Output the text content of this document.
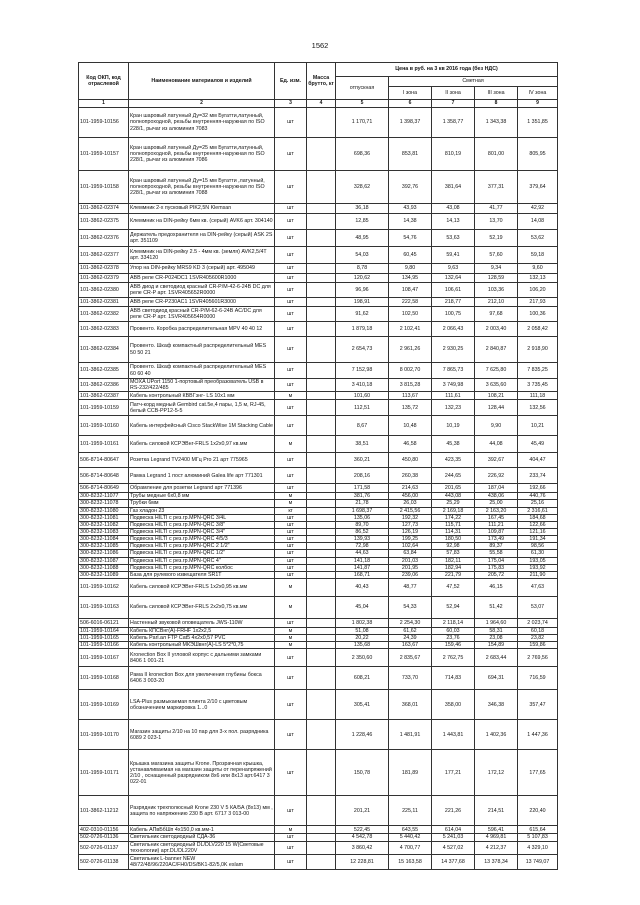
1562
Код ОКП, код отраслевой	Наименование материалов и изделий	Ед. изм.	Масса брутто, кг	Цена в руб. на 3 кв 2016 года (без НДС)				
				отпускная	Сметная			
					I зона	II зона	III зона	IV зона
1	2	3	4	5	6	7	8	9
101-1959-10156	Кран шаровый латунный Ду=32 мм Бугатти,латунный, полнопроходной, резьбы внутренняя-наружная по ISO 228/1, рычаг из алюминия 7083	шт		1 170,71	1 398,37	1 358,77	1 343,38	1 351,85
101-1959-10157	Кран шаровый латунный Ду=25 мм Бугатти,латунный, полнопроходной, резьбы внутренняя-наружная по ISO 228/1, рычаг из алюминия 7086	шт		698,36	853,81	810,19	801,00	805,95
101-1959-10158	Кран шаровый латунный Ду=15 мм Бугатти ,латунный, полнопроходной, резьбы внутренняя-наружная по ISO 228/1, рычаг из алюминия 7088	шт		328,62	392,76	381,64	377,31	379,64
101-3862-02374	Клеммник 2-х пусковый PIK2,5N Klemsan	шт		36,18	43,93	43,08	41,77	42,92
101-3862-02375	Клеммник на DIN-рейку 6мм кв. (серый) AVK6 арт. 304140	шт		12,85	14,38	14,13	13,70	14,08
101-3862-02376	Держатель предохранителя на DIN-рейку (серый) ASK 2S арт. 351109	шт		48,95	54,76	53,63	52,19	53,62
101-3862-02377	Клеммник на DIN-рейку 2.5 - 4мм кв. (земля) AVK2,5/4T арт. 334120	шт		54,03	60,45	59,41	57,60	59,18
101-3862-02378	Упор на DIN-рейку MRS9 KD 3 (серый) арт. 495049	шт		8,78	9,80	9,63	9,34	9,60
101-3862-02379	ABB реле CR-P024DC1 1SVR405600R1000	шт		120,62	134,95	132,64	128,59	132,13
101-3862-02380	ABB диод и светодиод красный CR-P/M-42-6-24B DC для реле CR-P арт. 1SVR405652R0000	шт		96,96	108,47	106,61	103,36	106,20
101-3862-02381	ABB реле CR-P230AC1 1SVR405601R3000	шт		198,91	222,58	218,77	212,10	217,93
101-3862-02382	ABB светодиод красный CR-P/M-62-6-24В AC/DC для реле CR-P арт. 1SVR405654R0000	шт		91,62	102,50	100,75	97,68	100,36
101-3862-02383	Провенто. Коробка распределительная MPV 40 40 12	шт		1 879,18	2 102,41	2 066,43	2 003,40	2 058,42
101-3862-02384	Провенто. Шкаф компактный распределительный MES 50 50 21	шт		2 654,73	2 961,26	2 930,25	2 840,87	2 918,90
101-3862-02385	Провенто. Шкаф компактный распределительный MES 60 60 40	шт		7 152,98	8 002,70	7 865,73	7 625,80	7 835,25
101-3862-02386	MOXA UPort 1150 1-портовый преобразователь USB в RS-232/422/485	шт		3 410,18	3 815,28	3 749,98	3 635,60	3 735,45
101-3862-02387	Кабель контрольный КВВГэнг- LS 10х1 мм	м		101,60	113,67	111,61	108,21	111,18
101-1959-10159	Патч-корд медный Gembird cat.5e,4 пары, 1,5 м, RJ-45, белый CCB-PP12-5-5	шт		112,51	135,72	132,23	128,44	132,56
101-1959-10160	Кабель интерфейсный Cisco StackWise 1M Stacking Cable	шт		8,67	10,48	10,19	9,90	10,21
101-1959-10161	Кабель силовой КСРЭВнг-FRLS 1x2x0,97 кв.мм	м		38,51	46,58	45,38	44,08	45,49
506-8714-80647	Розетка Legrand TV2400 МГц Pro 21 арт 775965	шт		360,21	450,80	423,35	392,67	404,47
506-8714-80648	Рамка Legrand 1 пост алюминий Galea life арт 771301	шт		208,16	260,38	244,65	226,92	233,74
506-8714-80649	Обрамление для розетки Legrand арт 771396	шт		171,58	214,63	201,65	187,04	192,66
300-8232-11077	Трубы медные 6х0,8 мм	м		381,76	456,00	443,08	438,06	440,76
300-8232-11078	Трубки 6мм	м		21,78	26,03	25,29	25,00	25,16
300-8232-11080	Газ хладон 23	кг		1 698,37	2 415,56	2 169,18	2 163,20	2 316,61
300-8232-11081	Подвеска HILTI с рез.гр.MPN-QRC 3/4L	шт		135,06	192,32	174,22	167,45	184,68
300-8232-11082	Подвеска HILTI с рез.гр.MPN-QRC 3/8"	шт		89,70	127,73	115,71	111,21	122,66
300-8232-11083	Подвеска HILTI с рез.гр.MPN-QRC 3/4"	шт		86,52	126,19	114,31	109,87	121,16
300-8232-11084	Подвеска HILTI с рез.гр.MPN-QRC 4/5/3	шт		139,93	199,25	180,50	173,49	191,34
300-8232-11085	Подвеска HILTI с рез.гр.MPN-QRC 2 1/2"	шт		72,98	102,64	92,98	89,37	98,56
300-8232-11086	Подвеска HILTI с рез.гр.MPN-QRC 1/2"	шт		44,63	63,84	57,83	55,58	61,30
300-8232-11087	Подвеска HILTI с рез.гр.MPN-QRC 4"	шт		141,18	201,03	182,11	175,04	193,05
300-8232-11088	Подвеска HILTI с рез.гр.MPN-QRC колбос	шт		141,87	201,95	182,94	175,83	193,92
300-8232-11089	База для рулевого извещателя SR1T	шт		168,71	239,06	221,79	205,72	211,90
101-1959-10162	Кабель силовой КСРЭВнг-FRLS 1x2x0,95 кв.мм	м		40,43	48,77	47,52	46,15	47,63
101-1959-10163	Кабель силовой КСРЭВнг-FRLS 2x2x0,75 кв.мм	м		45,04	54,33	52,94	51,42	53,07
506-6016-06121	Настенный звуковой оповещатель JWS-110W	шт		1 802,38	2 254,30	2 118,14	1 964,60	2 023,74
101-1959-10164	Кабель КПСВнг(А)-FRHF 1x2x2,5	м		51,08	61,62	60,03	58,31	60,18
101-1959-10165	Кабель Parl.ал FTP Cat5 4х2х0,57 PVC	м		20,22	24,39	23,76	23,08	23,82
101-1959-10166	Кабель контрольный МКЭШвнг(А)-LS 5*2*0,75	м		135,68	163,67	159,46	154,89	159,86
101-1959-10167	Kronection Box II угловой корпус с дальними замками 8406 1 001-21	шт		2 350,60	2 835,67	2 762,75	2 683,44	2 769,56
101-1959-10168	Рама II kronection Box для увеличения глубины бокса 6406 3 003-20	шт		608,21	733,70	714,83	694,31	716,59
101-1959-10169	LSA-Plus размыкаемая плинта 2/10 с цветовым обозначением маркировка 1...0	шт		305,41	368,01	358,00	346,38	357,47
101-1959-10170	Магазин защиты 2/10 на 10 пар для 3-х пол. разрядника 6089 2 023-1	шт		1 228,46	1 481,91	1 443,81	1 402,36	1 447,36
101-1959-10171	Крышка магазина защиты Krone. Прозрачная крышка, устанавливаемая на магазин защиты от перенапряжений 2/10 , оснащенный разрядником 8х6 или 8х13 арт.6417 3 022-01	шт		150,78	181,89	177,21	172,12	177,65
101-3862-11212	Разрядник трехполюсный Krone 230 V 5 КА/5А (8х13) мм , защита по напряжению 230 В арт. 6717 3 013-00	шт		201,21	225,11	221,26	214,51	220,40
402-0310-01156	Кабель АПвБбШп 4х150,0 кв.мм-1	м		522,45	643,55	614,04	596,41	615,64
502-0726-01136	Светильник светодиодный СДА-36	шт		4 542,78	5 440,42	5 241,03	4 969,81	5 107,83
502-0726-01137	Светильник светодиодный DL/DLV220 15 W(Световые технологии) арт.DL/DL220V	шт		3 860,42	4 700,77	4 527,02	4 212,37	4 329,10
502-0726-01138	Светильник L-banner NEW 48/72/48/96/220AC/FH0/DS/BK1-82/5,0K eslam	шт		12 228,81	15 163,58	14 377,68	13 378,34	13 749,07
